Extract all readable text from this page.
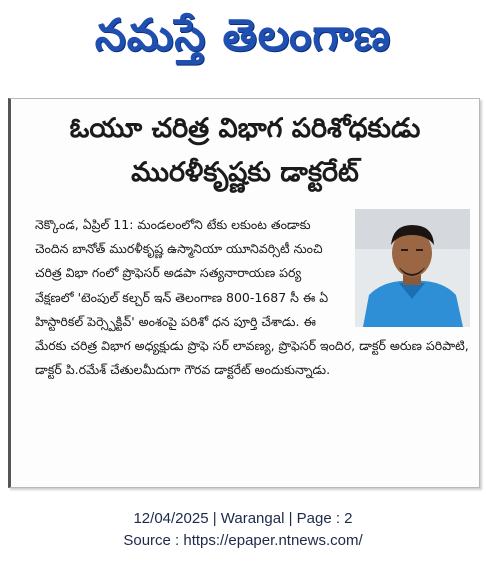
నమస్తే తెలంగాణ
ఓయూ చరిత్ర విభాగ పరిశోధకుడు
మురళీకృష్ణకు డాక్టరేట్

నెక్కొండ, ఏప్రిల్ 11: మండలంలోని టేకు లకుంట తండాకు చెందిన బానోత్ మురళీకృష్ణ ఉస్మానియా యూనివర్సిటీ నుంచి చరిత్ర విభా గంలో ప్రొఫెసర్ అడపా సత్యనారాయణ పర్య వేక్షణలో 'టెంపుల్ కల్చర్ ఇన్ తెలంగాణ 800-1687 సీ ఈ ఏ హిస్టారికల్ పెర్స్పెక్టివ్' అంశంపై పరిశో ధన పూర్తి చేశాడు. ఈ మేరకు చరిత్ర విభాగ అధ్యక్షుడు ప్రొఫె సర్ లావణ్య, ప్రొఫెసర్ ఇందిర, డాక్టర్ అరుణ పరిపాటి, డాక్టర్ పి.రమేశ్ చేతులమీదుగా గౌరవ డాక్టరేట్ అందుకున్నాడు.

12/04/2025 | Warangal | Page : 2
Source : https://epaper.ntnews.com/
